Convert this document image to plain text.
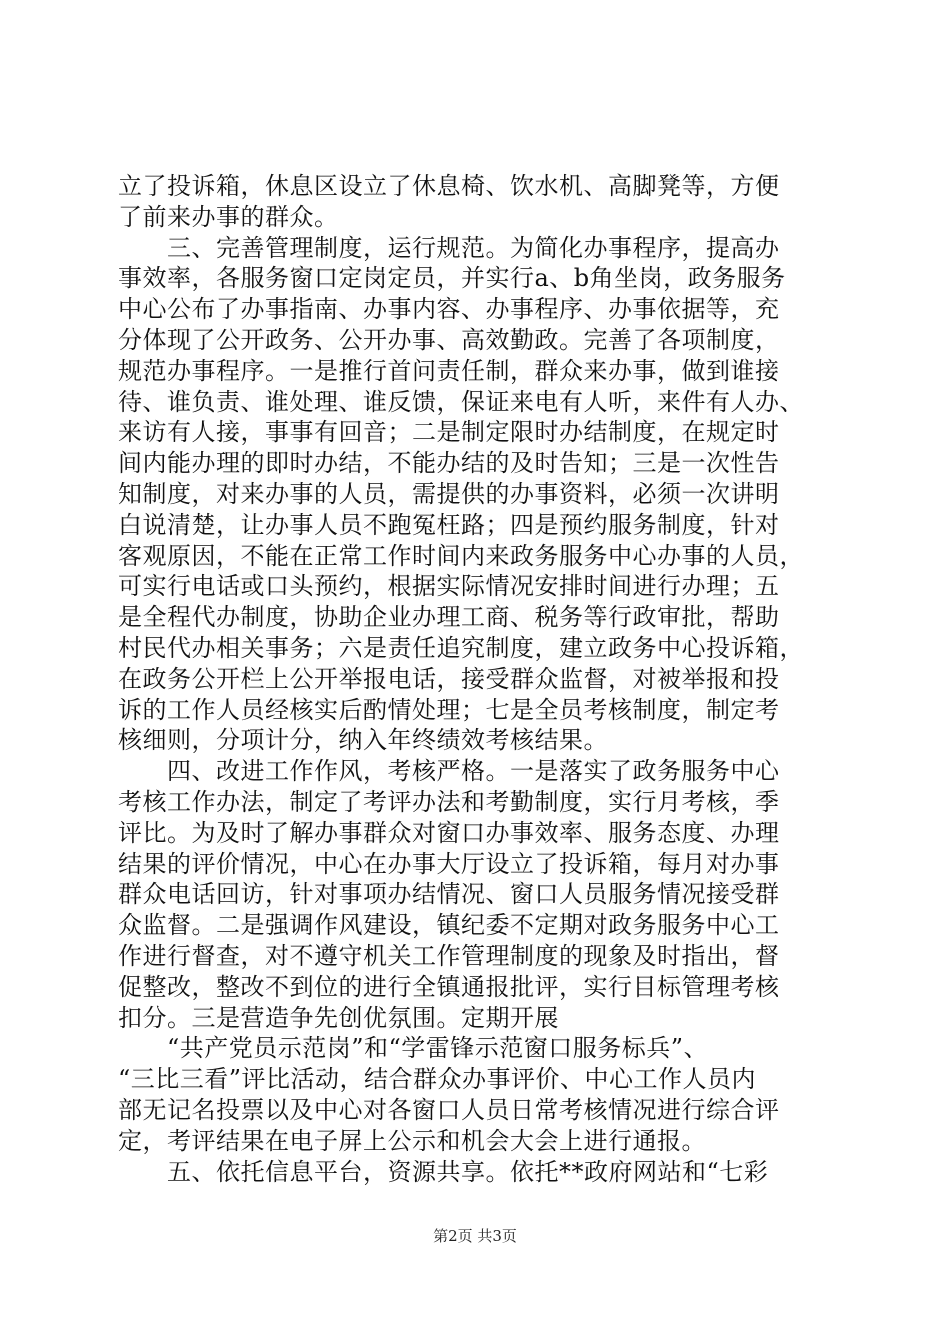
立了投诉箱，休息区设立了休息椅、饮水机、高脚凳等，方便
了前来办事的群众。
　　三、完善管理制度，运行规范。为简化办事程序，提高办
事效率，各服务窗口定岗定员，并实行a、b角坐岗，政务服务
中心公布了办事指南、办事内容、办事程序、办事依据等，充
分体现了公开政务、公开办事、高效勤政。完善了各项制度，
规范办事程序。一是推行首问责任制，群众来办事，做到谁接
待、谁负责、谁处理、谁反馈，保证来电有人听，来件有人办、
来访有人接，事事有回音；二是制定限时办结制度，在规定时
间内能办理的即时办结，不能办结的及时告知；三是一次性告
知制度，对来办事的人员，需提供的办事资料，必须一次讲明
白说清楚，让办事人员不跑冤枉路；四是预约服务制度，针对
客观原因，不能在正常工作时间内来政务服务中心办事的人员，
可实行电话或口头预约，根据实际情况安排时间进行办理；五
是全程代办制度，协助企业办理工商、税务等行政审批，帮助
村民代办相关事务；六是责任追究制度，建立政务中心投诉箱，
在政务公开栏上公开举报电话，接受群众监督，对被举报和投
诉的工作人员经核实后酌情处理；七是全员考核制度，制定考
核细则，分项计分，纳入年终绩效考核结果。
　　四、改进工作作风，考核严格。一是落实了政务服务中心
考核工作办法，制定了考评办法和考勤制度，实行月考核，季
评比。为及时了解办事群众对窗口办事效率、服务态度、办理
结果的评价情况，中心在办事大厅设立了投诉箱，每月对办事
群众电话回访，针对事项办结情况、窗口人员服务情况接受群
众监督。二是强调作风建设，镇纪委不定期对政务服务中心工
作进行督查，对不遵守机关工作管理制度的现象及时指出，督
促整改，整改不到位的进行全镇通报批评，实行目标管理考核
扣分。三是营造争先创优氛围。定期开展
　　“共产党员示范岗”和“学雷锋示范窗口服务标兵”、
“三比三看”评比活动，结合群众办事评价、中心工作人员内
部无记名投票以及中心对各窗口人员日常考核情况进行综合评
定，考评结果在电子屏上公示和机会大会上进行通报。
　　五、依托信息平台，资源共享。依托**政府网站和“七彩
第2页 共3页
